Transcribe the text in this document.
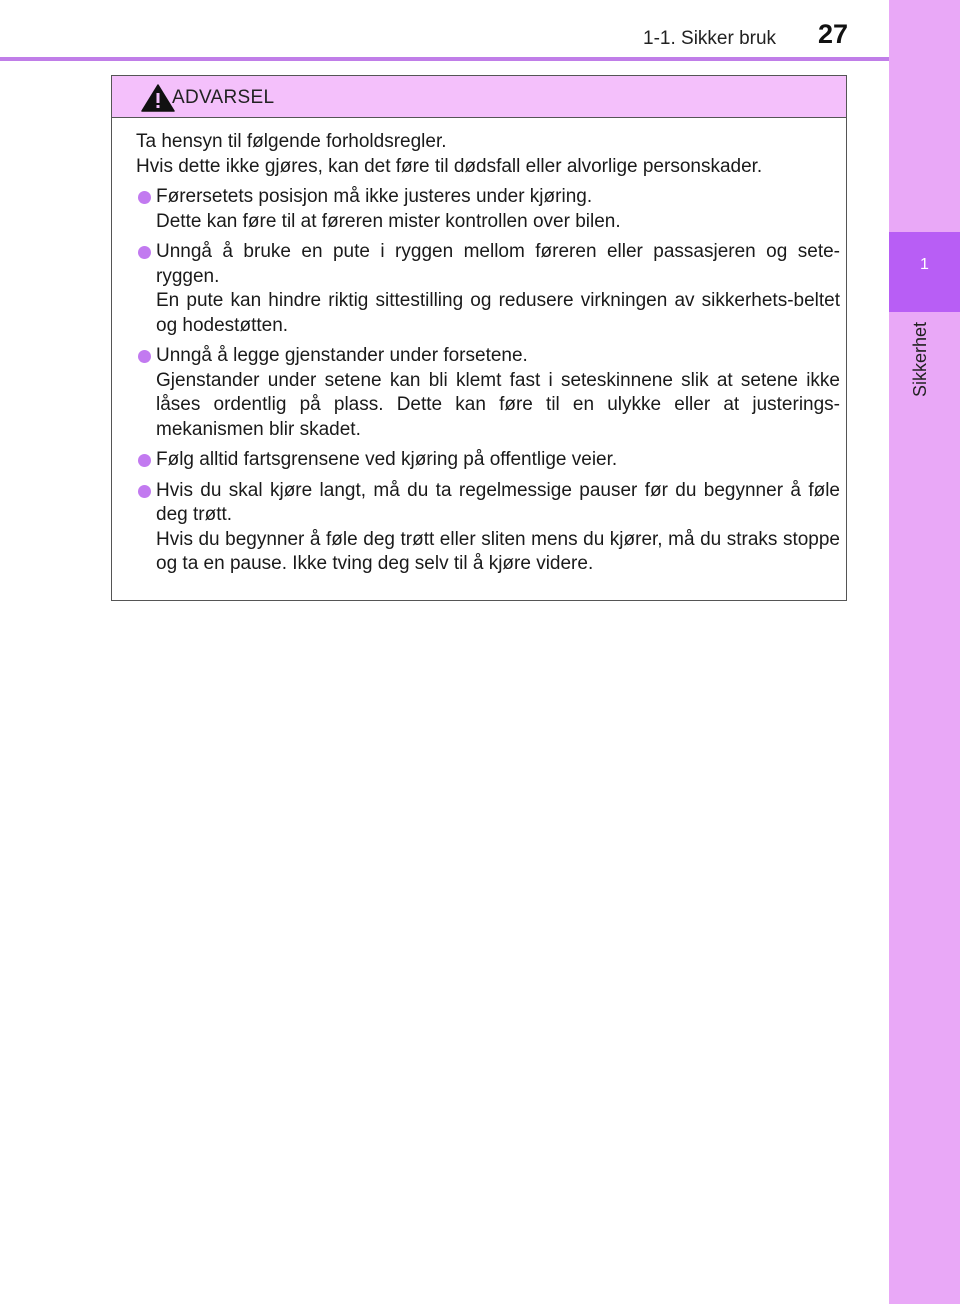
1
Sikkerhet
1-1. Sikker bruk 27
ADVARSEL

Ta hensyn til følgende forholdsregler.

Hvis dette ikke gjøres, kan det føre til dødsfall eller alvorlige personskader.

Førersetets posisjon må ikke justeres under kjøring.

Dette kan føre til at føreren mister kontrollen over bilen.

Unngå å bruke en pute i ryggen mellom føreren eller passasjeren og sete-ryggen.

En pute kan hindre riktig sittestilling og redusere virkningen av sikkerhets-beltet og hodestøtten.

Unngå å legge gjenstander under forsetene.

Gjenstander under setene kan bli klemt fast i seteskinnene slik at setene ikke låses ordentlig på plass. Dette kan føre til en ulykke eller at justerings-mekanismen blir skadet.

Følg alltid fartsgrensene ved kjøring på offentlige veier.

Hvis du skal kjøre langt, må du ta regelmessige pauser før du begynner å føle deg trøtt.

Hvis du begynner å føle deg trøtt eller sliten mens du kjører, må du straks stoppe og ta en pause. Ikke tving deg selv til å kjøre videre.
